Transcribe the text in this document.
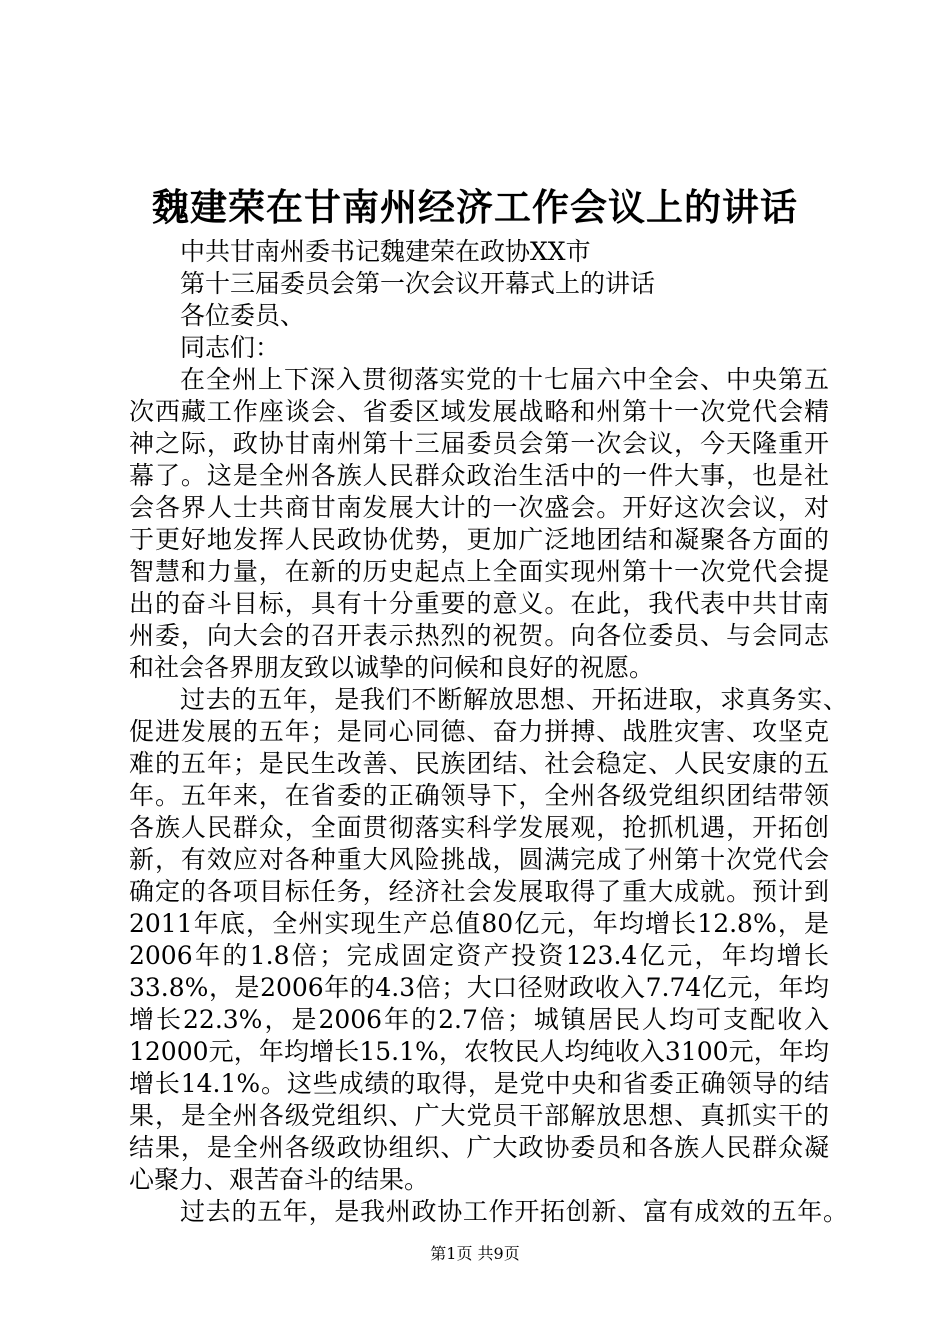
魏建荣在甘南州经济工作会议上的讲话

中共甘南州委书记魏建荣在政协XX市

第十三届委员会第一次会议开幕式上的讲话

各位委员、

同志们：

在全州上下深入贯彻落实党的十七届六中全会、中央第五

次西藏工作座谈会、省委区域发展战略和州第十一次党代会精

神之际，政协甘南州第十三届委员会第一次会议，今天隆重开

幕了。这是全州各族人民群众政治生活中的一件大事，也是社

会各界人士共商甘南发展大计的一次盛会。开好这次会议，对

于更好地发挥人民政协优势，更加广泛地团结和凝聚各方面的

智慧和力量，在新的历史起点上全面实现州第十一次党代会提

出的奋斗目标，具有十分重要的意义。在此，我代表中共甘南

州委，向大会的召开表示热烈的祝贺。向各位委员、与会同志

和社会各界朋友致以诚挚的问候和良好的祝愿。

过去的五年，是我们不断解放思想、开拓进取，求真务实、

促进发展的五年；是同心同德、奋力拼搏、战胜灾害、攻坚克

难的五年；是民生改善、民族团结、社会稳定、人民安康的五

年。五年来，在省委的正确领导下，全州各级党组织团结带领

各族人民群众，全面贯彻落实科学发展观，抢抓机遇，开拓创

新，有效应对各种重大风险挑战，圆满完成了州第十次党代会

确定的各项目标任务，经济社会发展取得了重大成就。预计到

2011年底，全州实现生产总值80亿元，年均增长12.8%，是

2006年的1.8倍；完成固定资产投资123.4亿元，年均增长

33.8%，是2006年的4.3倍；大口径财政收入7.74亿元，年均

增长22.3%，是2006年的2.7倍；城镇居民人均可支配收入

12000元，年均增长15.1%，农牧民人均纯收入3100元，年均

增长14.1%。这些成绩的取得，是党中央和省委正确领导的结

果，是全州各级党组织、广大党员干部解放思想、真抓实干的

结果，是全州各级政协组织、广大政协委员和各族人民群众凝

心聚力、艰苦奋斗的结果。

过去的五年，是我州政协工作开拓创新、富有成效的五年。

第1页 共9页
